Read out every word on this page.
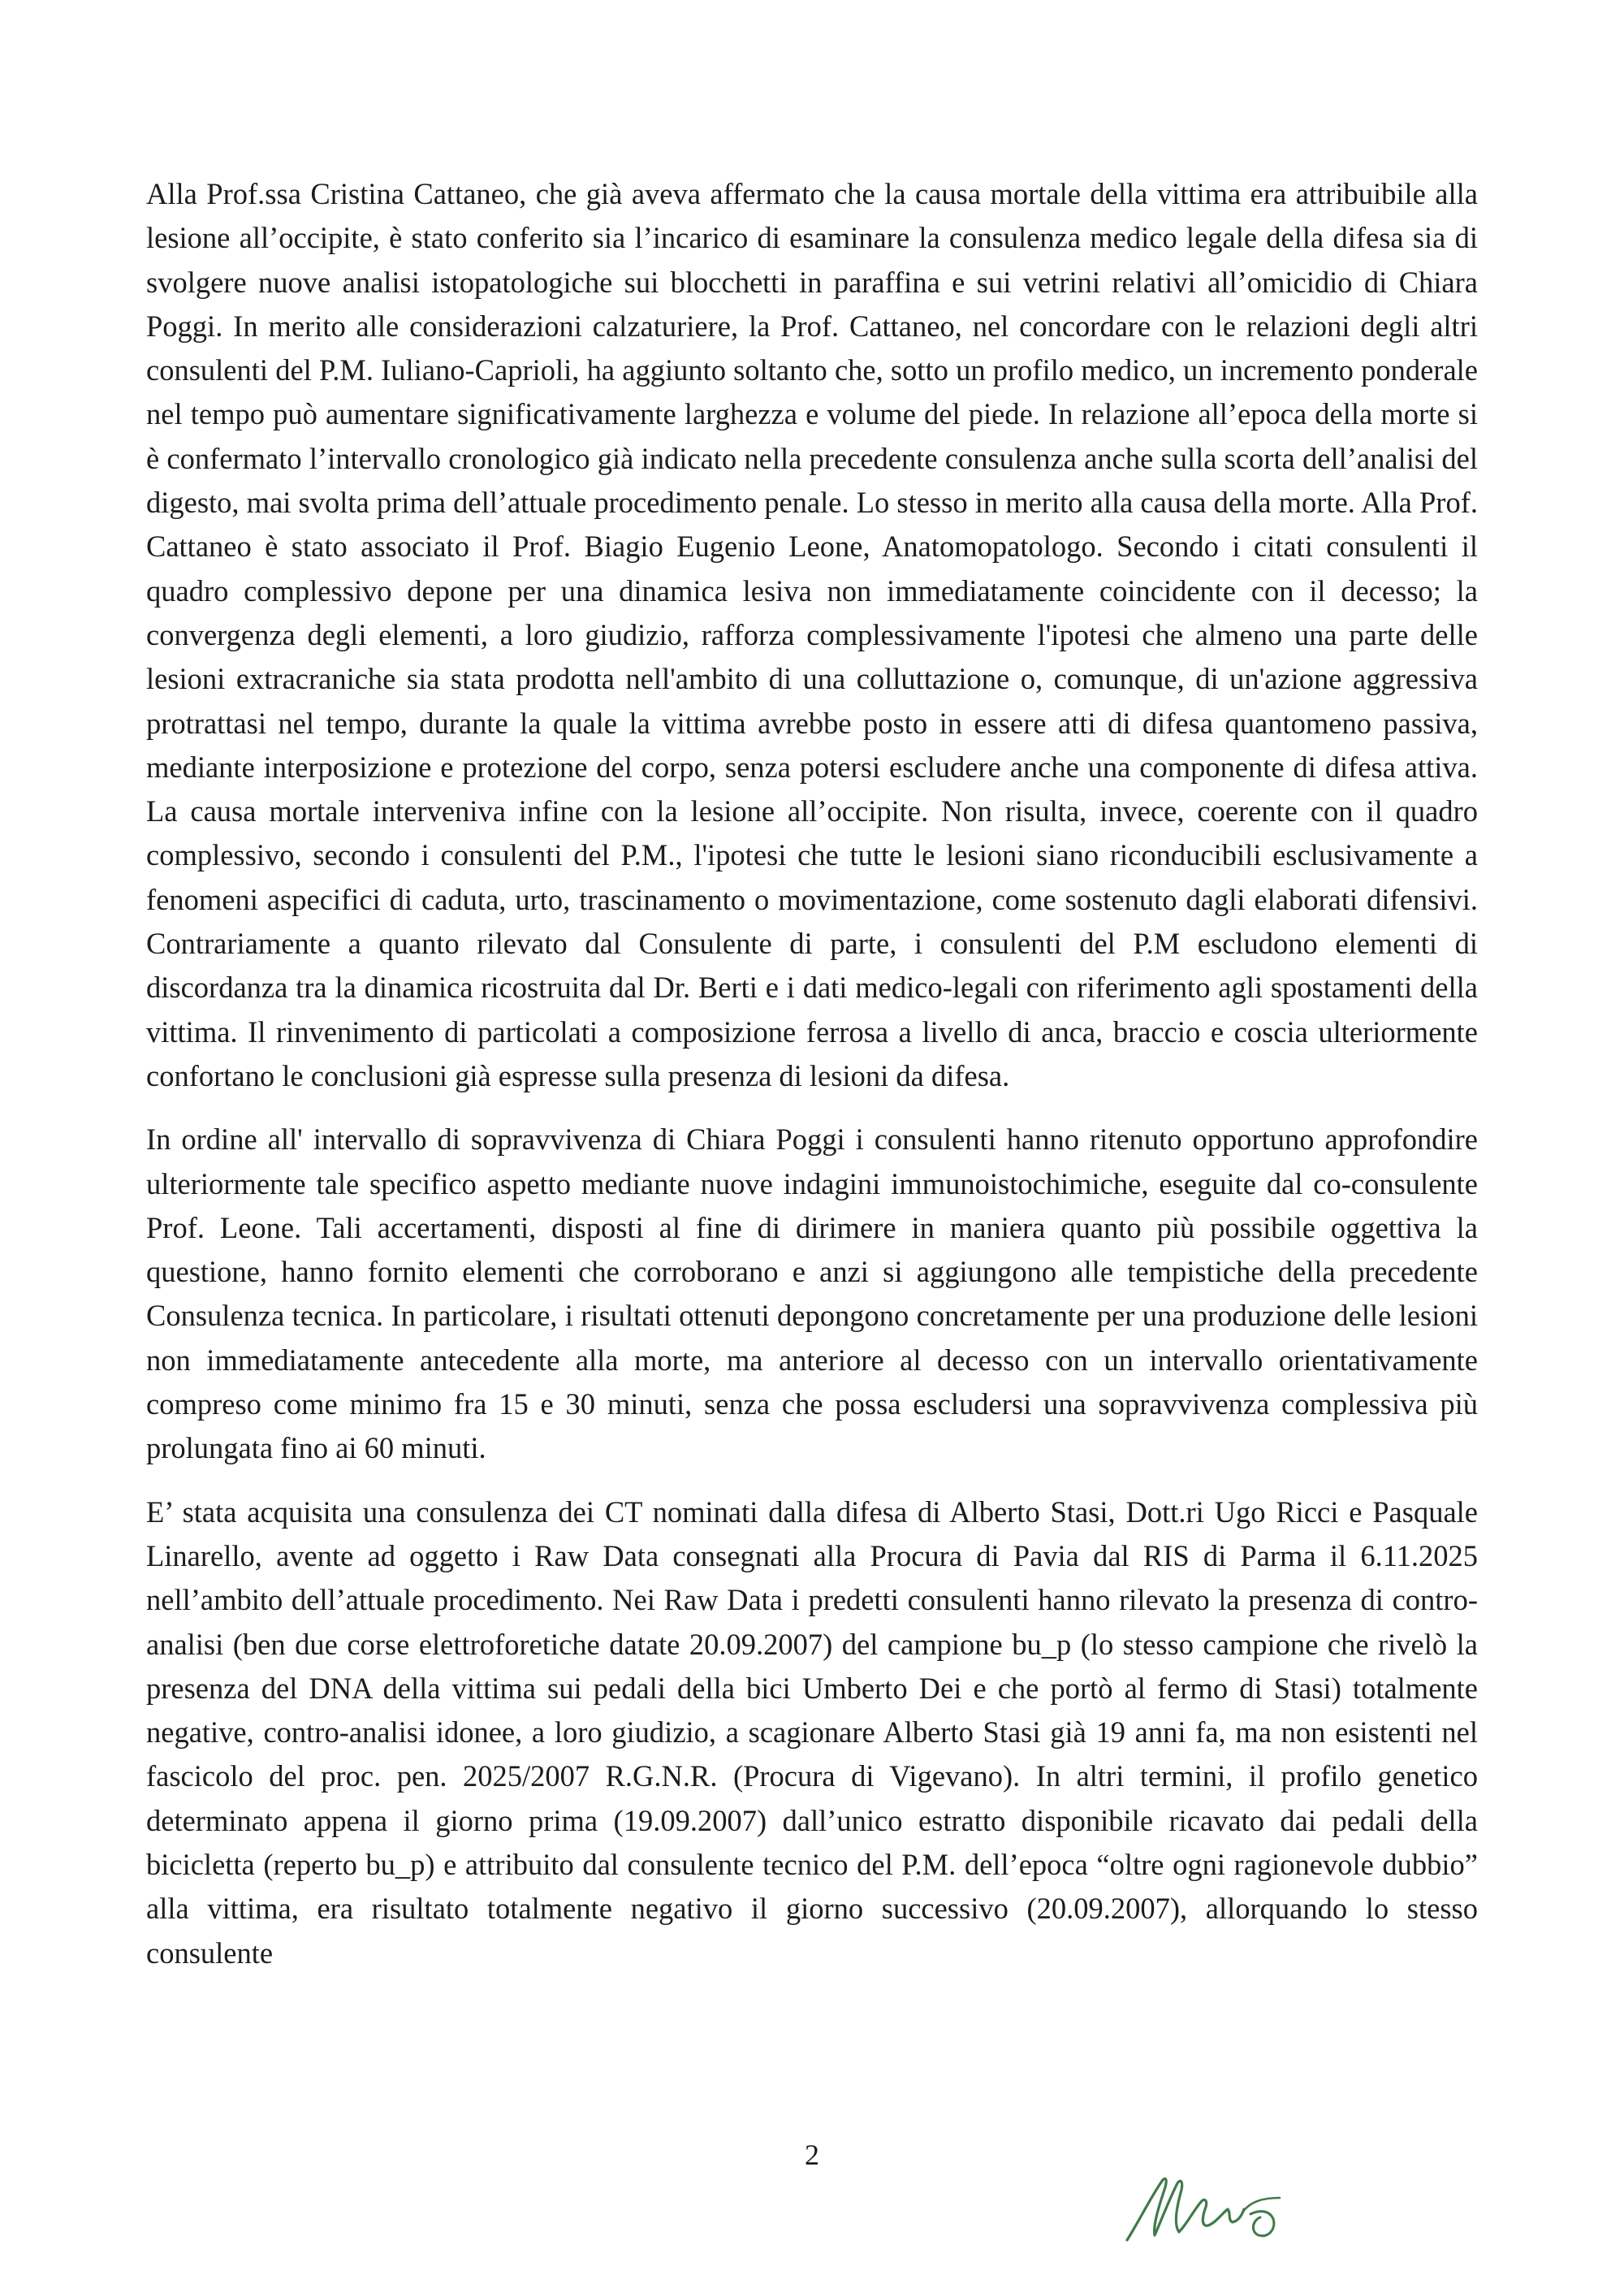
Alla Prof.ssa Cristina Cattaneo, che già aveva affermato che la causa mortale della vittima era attribuibile alla lesione all’occipite, è stato conferito sia l’incarico di esaminare la consulenza medico legale della difesa sia di svolgere nuove analisi istopatologiche sui blocchetti in paraffina e sui vetrini relativi all’omicidio di Chiara Poggi. In merito alle considerazioni calzaturiere, la Prof. Cattaneo, nel concordare con le relazioni degli altri consulenti del P.M. Iuliano-Caprioli, ha aggiunto soltanto che, sotto un profilo medico, un incremento ponderale nel tempo può aumentare significativamente larghezza e volume del piede. In relazione all’epoca della morte si è confermato l’intervallo cronologico già indicato nella precedente consulenza anche sulla scorta dell’analisi del digesto, mai svolta prima dell’attuale procedimento penale. Lo stesso in merito alla causa della morte. Alla Prof. Cattaneo è stato associato il Prof. Biagio Eugenio Leone, Anatomopatologo. Secondo i citati consulenti il quadro complessivo depone per una dinamica lesiva non immediatamente coincidente con il decesso; la convergenza degli elementi, a loro giudizio, rafforza complessivamente l'ipotesi che almeno una parte delle lesioni extracraniche sia stata prodotta nell'ambito di una colluttazione o, comunque, di un'azione aggressiva protrattasi nel tempo, durante la quale la vittima avrebbe posto in essere atti di difesa quantomeno passiva, mediante interposizione e protezione del corpo, senza potersi escludere anche una componente di difesa attiva. La causa mortale interveniva infine con la lesione all’occipite. Non risulta, invece, coerente con il quadro complessivo, secondo i consulenti del P.M., l'ipotesi che tutte le lesioni siano riconducibili esclusivamente a fenomeni aspecifici di caduta, urto, trascinamento o movimentazione, come sostenuto dagli elaborati difensivi. Contrariamente a quanto rilevato dal Consulente di parte, i consulenti del P.M escludono elementi di discordanza tra la dinamica ricostruita dal Dr. Berti e i dati medico-legali con riferimento agli spostamenti della vittima. Il rinvenimento di particolati a composizione ferrosa a livello di anca, braccio e coscia ulteriormente confortano le conclusioni già espresse sulla presenza di lesioni da difesa.

In ordine all' intervallo di sopravvivenza di Chiara Poggi i consulenti hanno ritenuto opportuno approfondire ulteriormente tale specifico aspetto mediante nuove indagini immunoistochimiche, eseguite dal co-consulente Prof. Leone. Tali accertamenti, disposti al fine di dirimere in maniera quanto più possibile oggettiva la questione, hanno fornito elementi che corroborano e anzi si aggiungono alle tempistiche della precedente Consulenza tecnica. In particolare, i risultati ottenuti depongono concretamente per una produzione delle lesioni non immediatamente antecedente alla morte, ma anteriore al decesso con un intervallo orientativamente compreso come minimo fra 15 e 30 minuti, senza che possa escludersi una sopravvivenza complessiva più prolungata fino ai 60 minuti.

E’ stata acquisita una consulenza dei CT nominati dalla difesa di Alberto Stasi, Dott.ri Ugo Ricci e Pasquale Linarello, avente ad oggetto i Raw Data consegnati alla Procura di Pavia dal RIS di Parma il 6.11.2025 nell’ambito dell’attuale procedimento. Nei Raw Data i predetti consulenti hanno rilevato la presenza di contro-analisi (ben due corse elettroforetiche datate 20.09.2007) del campione bu_p (lo stesso campione che rivelò la presenza del DNA della vittima sui pedali della bici Umberto Dei e che portò al fermo di Stasi) totalmente negative, contro-analisi idonee, a loro giudizio, a scagionare Alberto Stasi già 19 anni fa, ma non esistenti nel fascicolo del proc. pen. 2025/2007 R.G.N.R. (Procura di Vigevano). In altri termini, il profilo genetico determinato appena il giorno prima (19.09.2007) dall’unico estratto disponibile ricavato dai pedali della bicicletta (reperto bu_p) e attribuito dal consulente tecnico del P.M. dell’epoca “oltre ogni ragionevole dubbio” alla vittima, era risultato totalmente negativo il giorno successivo (20.09.2007), allorquando lo stesso consulente

2
